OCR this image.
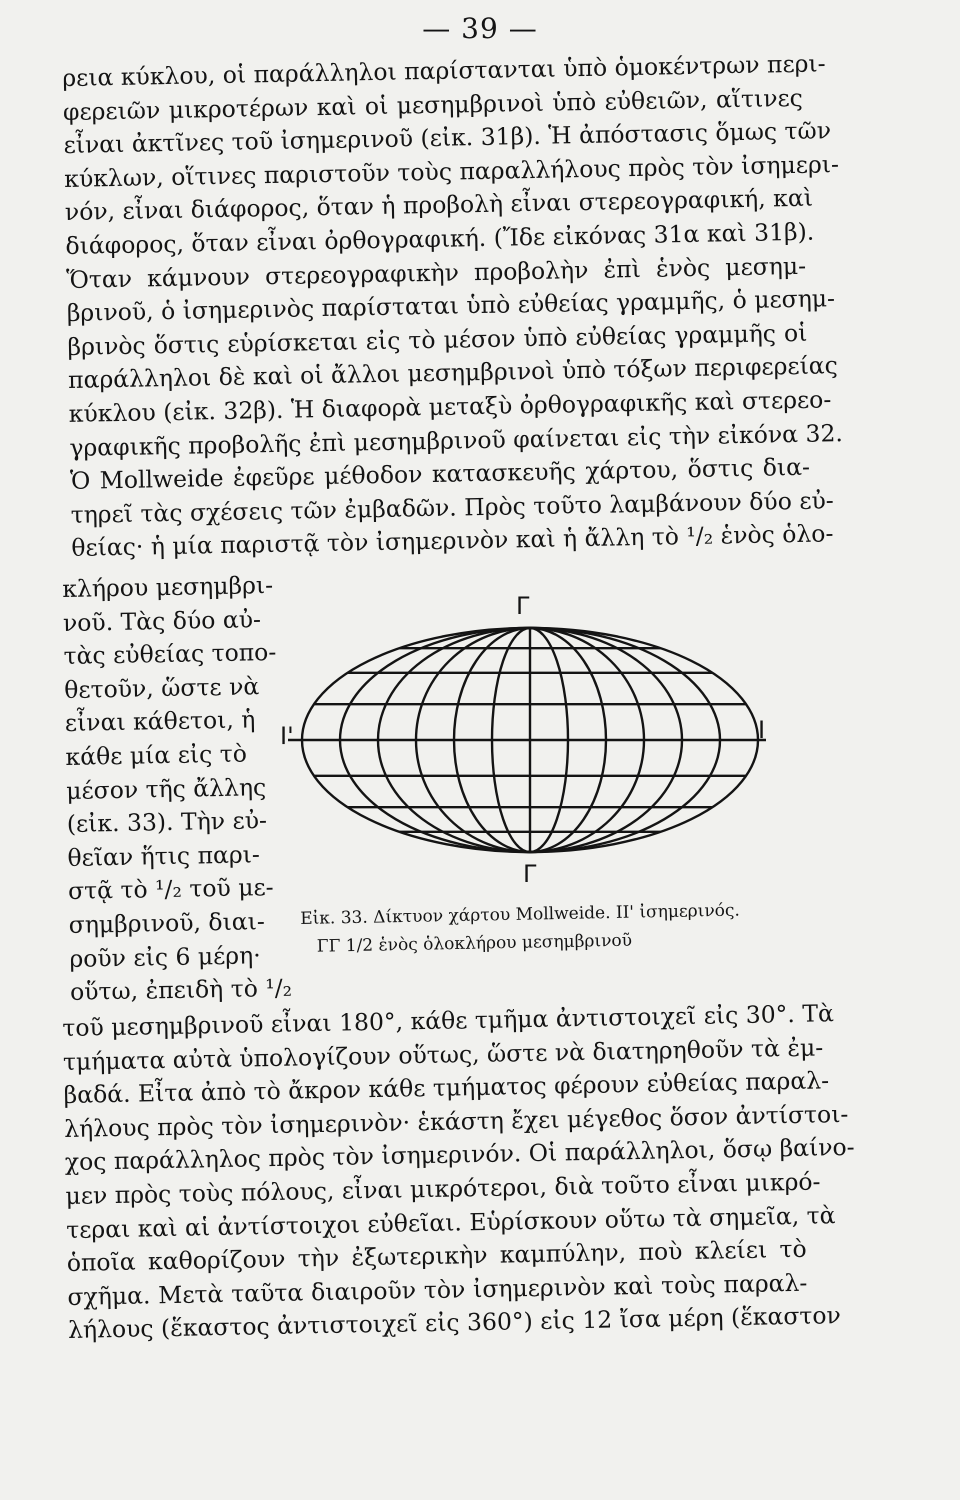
— 39 —
ρεια κύκλου, οἱ παράλληλοι παρίστανται ὑπὸ ὁμοκέντρων περι-
φερειῶν μικροτέρων καὶ οἱ μεσημβρινοὶ ὑπὸ εὐθειῶν, αἵτινες
εἶναι ἀκτῖνες τοῦ ἰσημερινοῦ (εἰκ. 31β). Ἡ ἀπόστασις ὅμως τῶν
κύκλων, οἵτινες παριστοῦν τοὺς παραλλήλους πρὸς τὸν ἰσημερι-
νόν, εἶναι διάφορος, ὅταν ἡ προβολὴ εἶναι στερεογραφική, καὶ
διάφορος, ὅταν εἶναι ὀρθογραφική. (Ἴδε εἰκόνας 31α καὶ 31β).
Ὅταν κάμνουν στερεογραφικὴν προβολὴν ἐπὶ ἑνὸς μεσημ-
βρινοῦ, ὁ ἰσημερινὸς παρίσταται ὑπὸ εὐθείας γραμμῆς, ὁ μεσημ-
βρινὸς ὅστις εὑρίσκεται εἰς τὸ μέσον ὑπὸ εὐθείας γραμμῆς οἱ
παράλληλοι δὲ καὶ οἱ ἄλλοι μεσημβρινοὶ ὑπὸ τόξων περιφερείας
κύκλου (εἰκ. 32β). Ἡ διαφορὰ μεταξὺ ὀρθογραφικῆς καὶ στερεο-
γραφικῆς προβολῆς ἐπὶ μεσημβρινοῦ φαίνεται εἰς τὴν εἰκόνα 32.
Ὁ Mollweide ἐφεῦρε μέθοδον κατασκευῆς χάρτου, ὅστις δια-
τηρεῖ τὰς σχέσεις τῶν ἐμβαδῶν. Πρὸς τοῦτο λαμβάνουν δύο εὐ-
θείας· ἡ μία παριστᾷ τὸν ἰσημερινὸν καὶ ἡ ἄλλη τὸ ¹/₂ ἑνὸς ὁλο-
κλήρου μεσημβρι-
νοῦ. Τὰς δύο αὐ-
τὰς εὐθείας τοπο-
θετοῦν, ὥστε νὰ
εἶναι κάθετοι, ἡ
κάθε μία εἰς τὸ
μέσον τῆς ἄλλης
(εἰκ. 33). Τὴν εὐ-
θεῖαν ἥτις παρι-
στᾷ τὸ ¹/₂ τοῦ με-
σημβρινοῦ, διαι-
ροῦν εἰς 6 μέρη·
οὕτω, ἐπειδὴ τὸ ¹/₂
Γ
Γ
Ι'	Ι
Εἰκ. 33. Δίκτυον χάρτου Mollweide. ΙΙ' ἰσημερινός.
ΓΓ 1/2 ἑνὸς ὁλοκλήρου μεσημβρινοῦ
τοῦ μεσημβρινοῦ εἶναι 180°, κάθε τμῆμα ἀντιστοιχεῖ εἰς 30°. Τὰ
τμήματα αὐτὰ ὑπολογίζουν οὕτως, ὥστε νὰ διατηρηθοῦν τὰ ἐμ-
βαδά. Εἶτα ἀπὸ τὸ ἄκρον κάθε τμήματος φέρουν εὐθείας παραλ-
λήλους πρὸς τὸν ἰσημερινὸν· ἑκάστη ἔχει μέγεθος ὅσον ἀντίστοι-
χος παράλληλος πρὸς τὸν ἰσημερινόν. Οἱ παράλληλοι, ὅσῳ βαίνο-
μεν πρὸς τοὺς πόλους, εἶναι μικρότεροι, διὰ τοῦτο εἶναι μικρό-
τεραι καὶ αἱ ἀντίστοιχοι εὐθεῖαι. Εὑρίσκουν οὕτω τὰ σημεῖα, τὰ
ὁποῖα καθορίζουν τὴν ἐξωτερικὴν καμπύλην, ποὺ κλείει τὸ
σχῆμα. Μετὰ ταῦτα διαιροῦν τὸν ἰσημερινὸν καὶ τοὺς παραλ-
λήλους (ἕκαστος ἀντιστοιχεῖ εἰς 360°) εἰς 12 ἴσα μέρη (ἕκαστον
